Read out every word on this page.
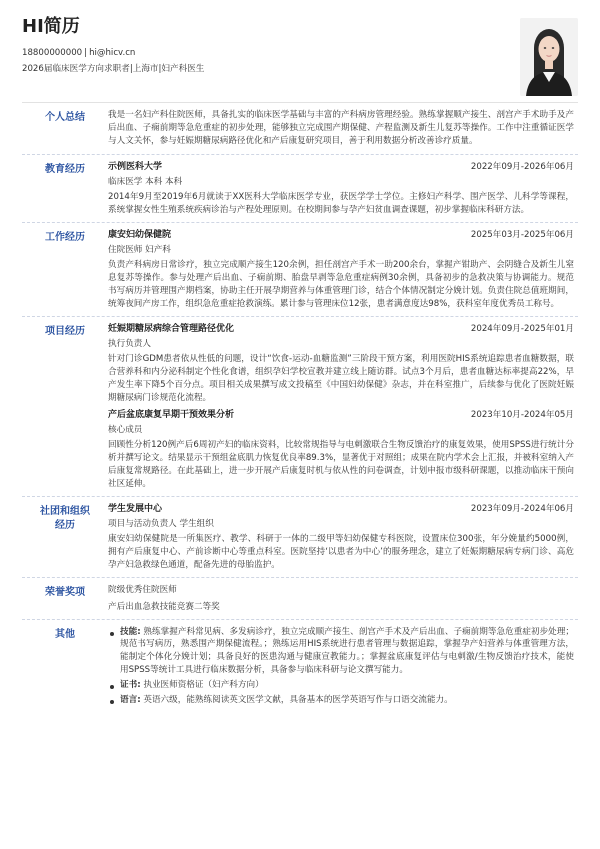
HI简历
18800000000 | hi@hicv.cn
2026届临床医学方向求职者|上海市|妇产科医生
个人总结	我是一名妇产科住院医师，具备扎实的临床医学基础与丰富的产科病房管理经验。熟练掌握顺产接生、剖宫产手术助手及产后出血、子痫前期等急危重症的初步处理，能够独立完成围产期保健、产程监测及新生儿复苏等操作。工作中注重循证医学与人文关怀，参与妊娠期糖尿病路径优化和产后康复研究项目，善于利用数据分析改善诊疗质量。
教育经历	示例医科大学	2022年09月-2026年06月
临床医学 本科 本科
2014年9月至2019年6月就读于XX医科大学临床医学专业，获医学学士学位。主修妇产科学、围产医学、儿科学等课程，系统掌握女性生殖系统疾病诊治与产程处理原则。在校期间参与孕产妇贫血调查课题，初步掌握临床科研方法。
工作经历	康安妇幼保健院	2025年03月-2025年06月
住院医师 妇产科
负责产科病房日常诊疗，独立完成顺产接生120余例，担任剖宫产手术一助200余台，掌握产钳助产、会阴缝合及新生儿窒息复苏等操作。参与处理产后出血、子痫前期、胎盘早剥等急危重症病例30余例，具备初步的急救决策与协调能力。规范书写病历并管理围产期档案，协助主任开展孕期营养与体重管理门诊，结合个体情况制定分娩计划。负责住院总值班期间，统筹夜间产房工作，组织急危重症抢救演练。累计参与管理床位12张，患者满意度达98%，获科室年度优秀员工称号。
项目经历	妊娠期糖尿病综合管理路径优化	2024年09月-2025年01月
执行负责人
针对门诊GDM患者依从性低的问题，设计“饮食-运动-血糖监测”三阶段干预方案，利用医院HIS系统追踪患者血糖数据，联合营养科和内分泌科制定个性化食谱，组织孕妇学校宣教并建立线上随访群。试点3个月后，患者血糖达标率提高22%，早产发生率下降5个百分点。项目相关成果撰写成文投稿至《中国妇幼保健》杂志，并在科室推广，后续参与优化了医院妊娠期糖尿病门诊规范化流程。
产后盆底康复早期干预效果分析	2023年10月-2024年05月
核心成员
回顾性分析120例产后6周初产妇的临床资料，比较常规指导与电刺激联合生物反馈治疗的康复效果，使用SPSS进行统计分析并撰写论文。结果显示干预组盆底肌力恢复优良率89.3%，显著优于对照组；成果在院内学术会上汇报，并被科室纳入产后康复常规路径。在此基础上，进一步开展产后康复时机与依从性的问卷调查，计划申报市级科研课题，以推动临床干预向社区延伸。
社团和组织
经历
学生发展中心	2023年09月-2024年06月
项目与活动负责人 学生组织
康安妇幼保健院是一所集医疗、教学、科研于一体的二级甲等妇幼保健专科医院，设置床位300张，年分娩量约5000例，拥有产后康复中心、产前诊断中心等重点科室。医院坚持‘以患者为中心’的服务理念，建立了妊娠期糖尿病专病门诊、高危孕产妇急救绿色通道，配备先进的母胎监护。
荣誉奖项	院级优秀住院医师
产后出血急救技能竞赛二等奖
其他	技能: 熟练掌握产科常见病、多发病诊疗，独立完成顺产接生、剖宫产手术及产后出血、子痫前期等急危重症初步处理；规范书写病历，熟悉围产期保健流程。；熟练运用HIS系统进行患者管理与数据追踪，掌握孕产妇营养与体重管理方法，能制定个体化分娩计划；具备良好的医患沟通与健康宣教能力。；掌握盆底康复评估与电刺激/生物反馈治疗技术，能使用SPSS等统计工具进行临床数据分析，具备参与临床科研与论文撰写能力。
证书: 执业医师资格证（妇产科方向）
语言: 英语六级，能熟练阅读英文医学文献，具备基本的医学英语写作与口语交流能力。
